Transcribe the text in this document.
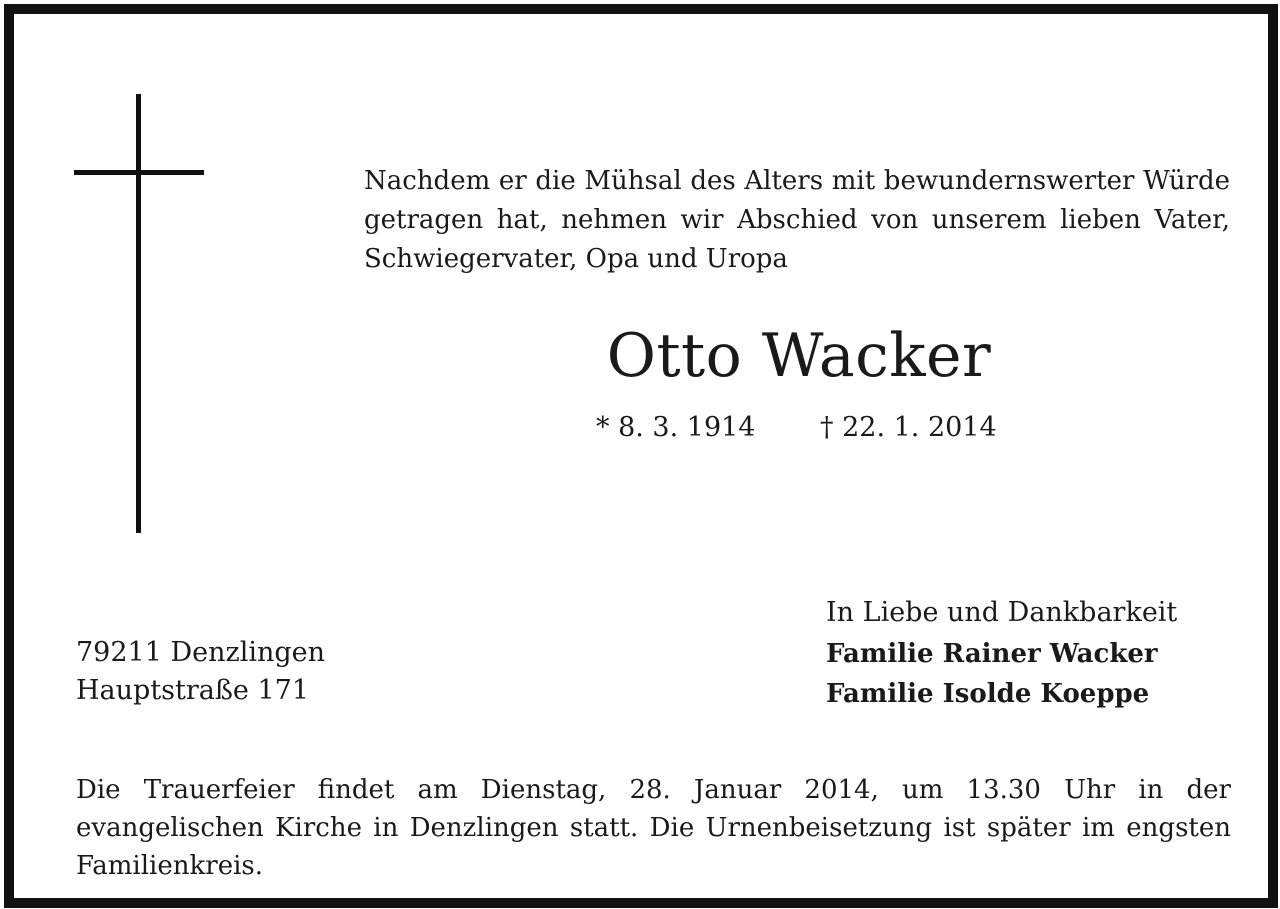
Nachdem er die Mühsal des Alters mit bewundernswerter Würde getragen hat, nehmen wir Abschied von unserem lieben Vater, Schwiegervater, Opa und Uropa
Otto Wacker
* 8. 3. 1914 † 22. 1. 2014
79211 Denzlingen
Hauptstraße 171
In Liebe und Dankbarkeit
Familie Rainer Wacker
Familie Isolde Koeppe
Die Trauerfeier findet am Dienstag, 28. Januar 2014, um 13.30 Uhr in der evangelischen Kirche in Denzlingen statt. Die Urnenbeisetzung ist später im engsten Familienkreis.
